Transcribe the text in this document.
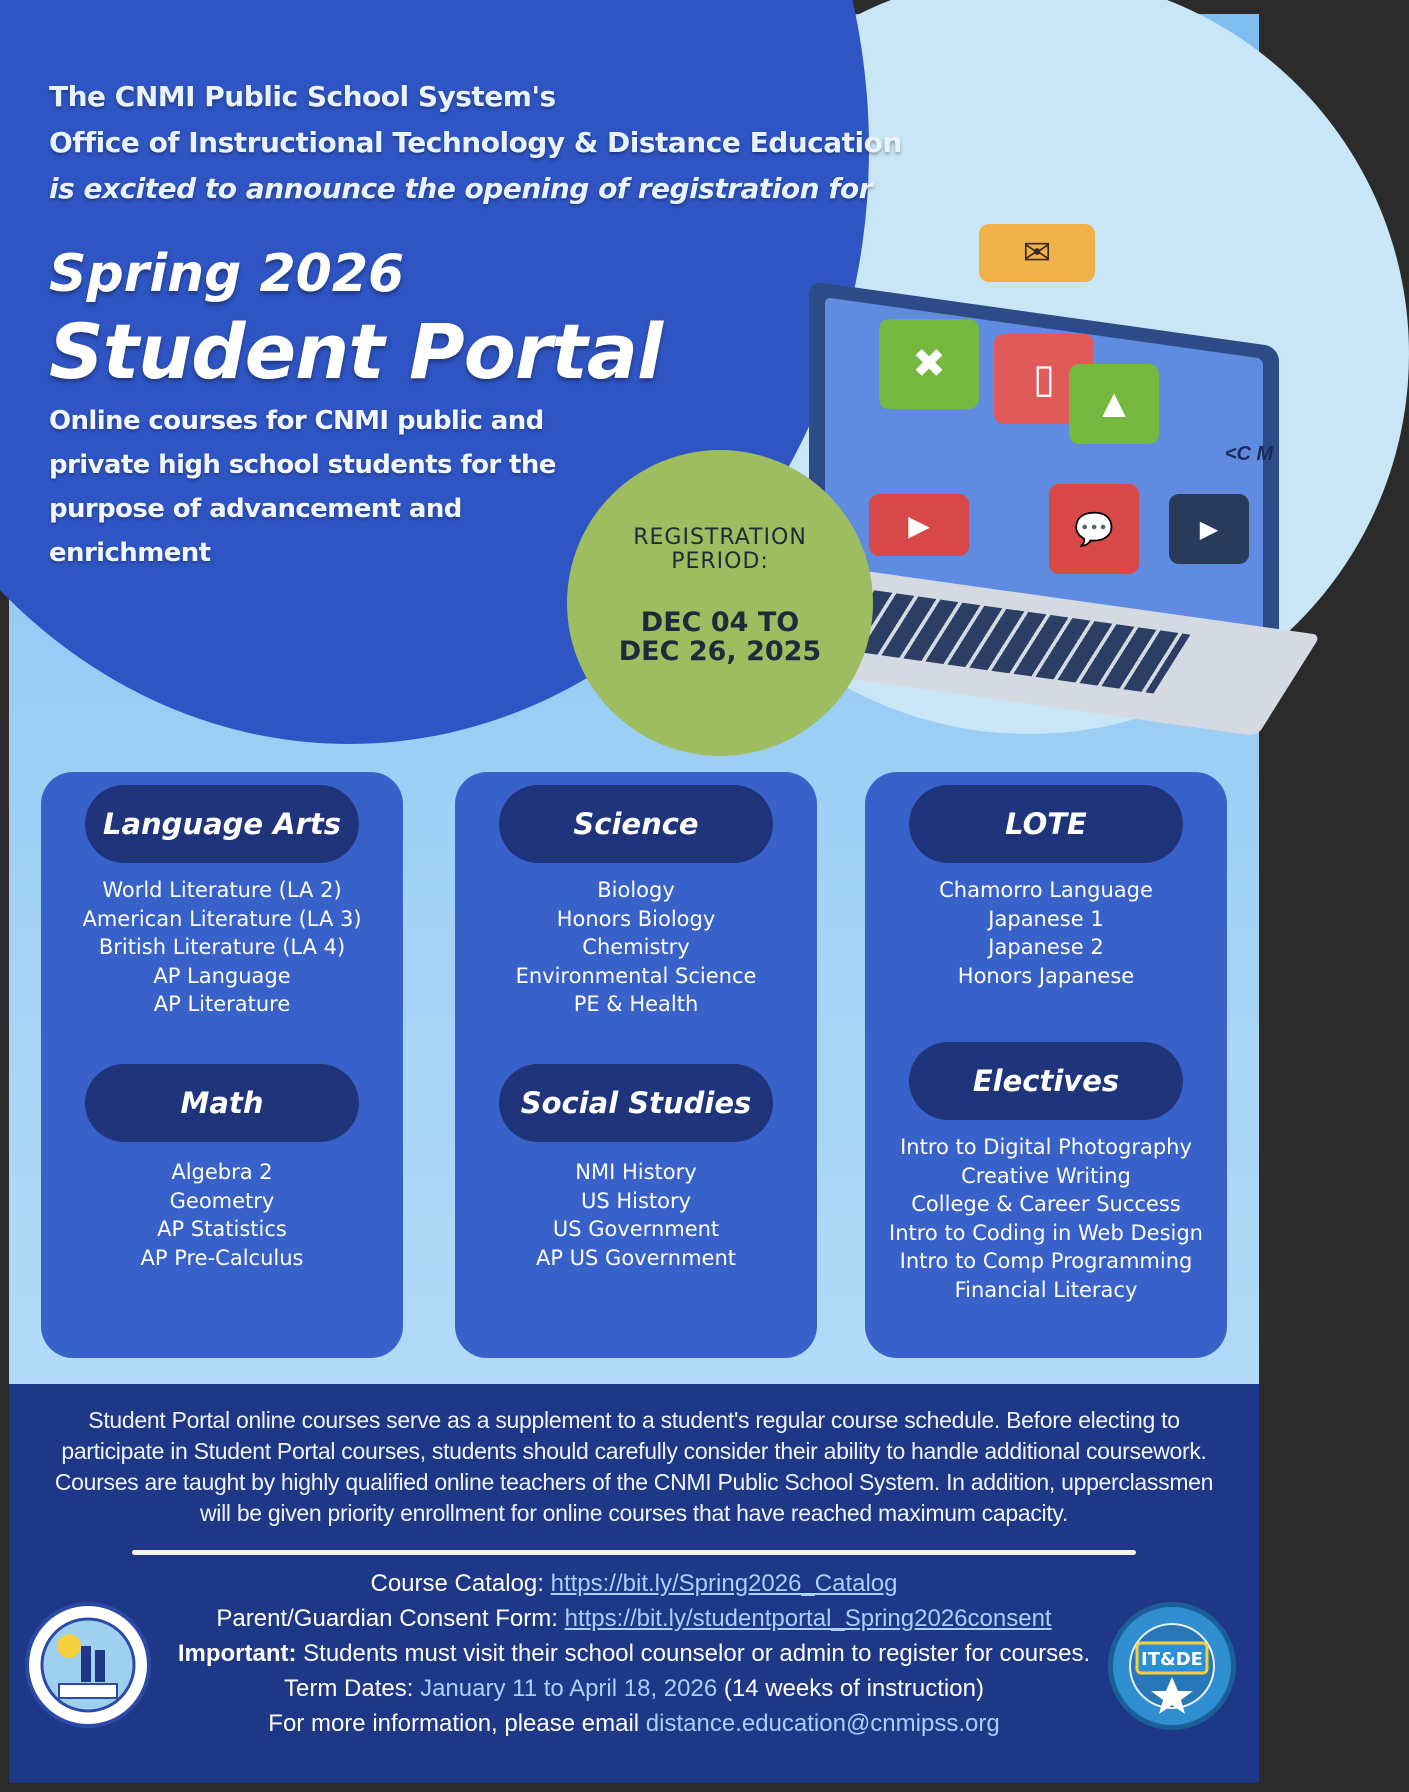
✉
✖	▯
▲
▶	💬	▶
<C M
The CNMI Public School System's
Office of Instructional Technology & Distance Education
is excited to announce the opening of registration for
Spring 2026
Student Portal
Online courses for CNMI public and private high school students for the purpose of advancement and enrichment
REGISTRATION PERIOD:
DEC 04 TO
DEC 26, 2025
Language Arts
World Literature (LA 2)
American Literature (LA 3)
British Literature (LA 4)
AP Language
AP Literature
Math
Algebra 2
Geometry
AP Statistics
AP Pre-Calculus
Science
Biology
Honors Biology
Chemistry
Environmental Science
PE & Health
Social Studies
NMI History
US History
US Government
AP US Government
LOTE
Chamorro Language
Japanese 1
Japanese 2
Honors Japanese
Electives
Intro to Digital Photography
Creative Writing
College & Career Success
Intro to Coding in Web Design
Intro to Comp Programming
Financial Literacy
Student Portal online courses serve as a supplement to a student's regular course schedule. Before electing to participate in Student Portal courses, students should carefully consider their ability to handle additional coursework. Courses are taught by highly qualified online teachers of the CNMI Public School System. In addition, upperclassmen will be given priority enrollment for online courses that have reached maximum capacity.
Course Catalog: https://bit.ly/Spring2026_Catalog
Parent/Guardian Consent Form: https://bit.ly/studentportal_Spring2026consent
Important: Students must visit their school counselor or admin to register for courses.
Term Dates: January 11 to April 18, 2026 (14 weeks of instruction)
For more information, please email distance.education@cnmipss.org
IT&DE
